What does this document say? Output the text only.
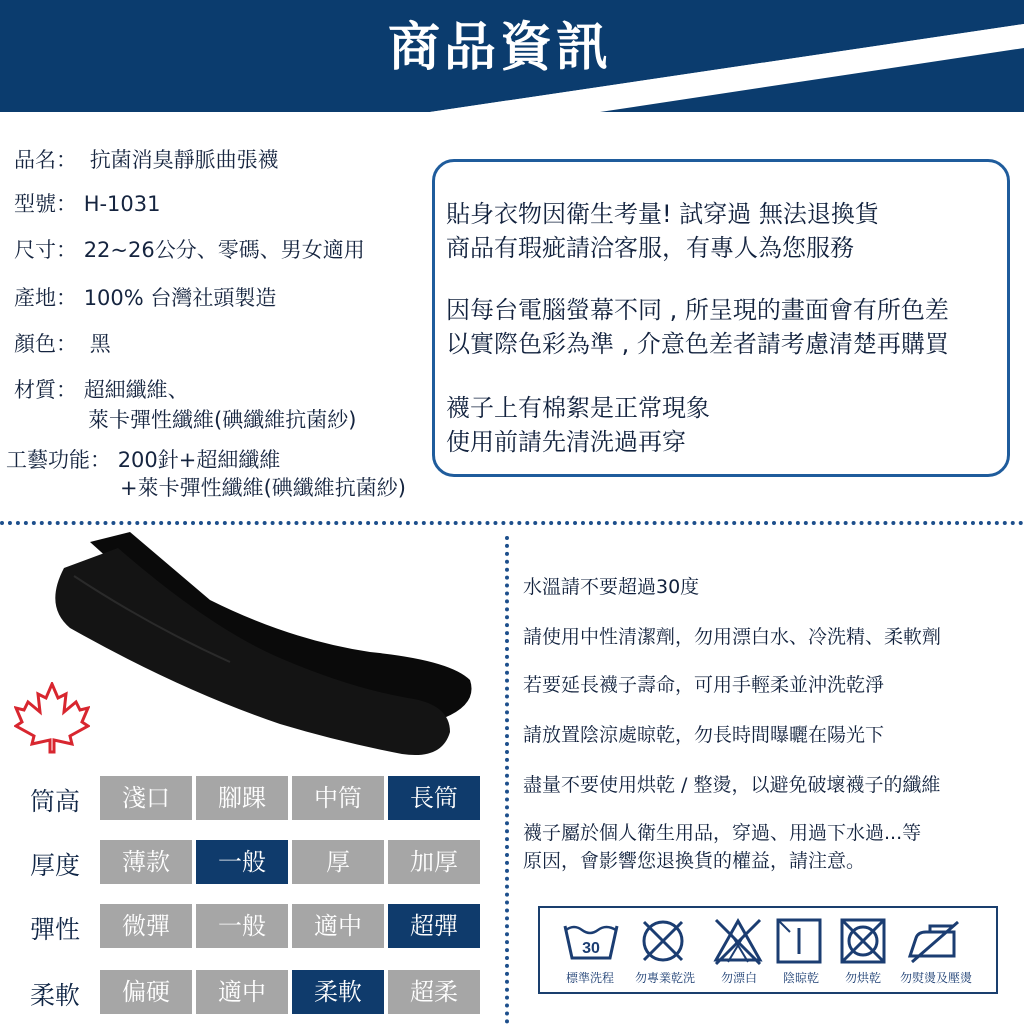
商品資訊
品名： 抗菌消臭靜脈曲張襪
型號： H-1031
尺寸： 22~26公分、零碼、男女適用
產地： 100% 台灣社頭製造
顏色： 黑
材質： 超細纖維、
萊卡彈性纖維(碘纖維抗菌紗)
工藝功能： 200針+超細纖維
+萊卡彈性纖維(碘纖維抗菌紗)
貼身衣物因衛生考量! 試穿過 無法退換貨
商品有瑕疵請洽客服，有專人為您服務
因每台電腦螢幕不同 , 所呈現的畫面會有所色差
以實際色彩為準 , 介意色差者請考慮清楚再購買
襪子上有棉絮是正常現象
使用前請先清洗過再穿
筒高	淺口	腳踝	中筒	長筒
厚度	薄款	一般	厚	加厚
彈性	微彈	一般	適中	超彈
柔軟	偏硬	適中	柔軟	超柔
水溫請不要超過30度
請使用中性清潔劑，勿用漂白水、冷洗精、柔軟劑
若要延長襪子壽命，可用手輕柔並沖洗乾淨
請放置陰涼處晾乾，勿長時間曝曬在陽光下
盡量不要使用烘乾 / 整燙，以避免破壞襪子的纖維
襪子屬於個人衛生用品，穿過、用過下水過...等
原因，會影響您退換貨的權益，請注意。
30
標準洗程	勿專業乾洗	勿漂白	陰晾乾	勿烘乾	勿熨燙及壓燙
